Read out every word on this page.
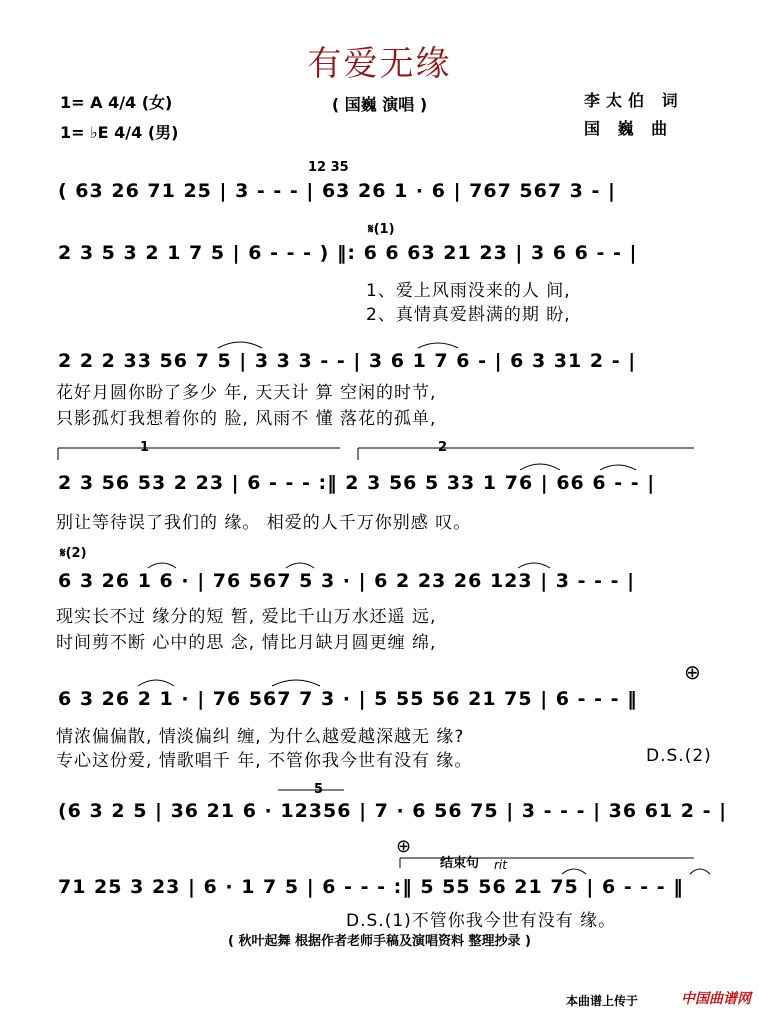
有爱无缘
( 国巍 演唱 )
1= A 4/4 (女)
1= ♭E 4/4 (男)
李太伯 词
国 巍 曲
12 35
( 63 26 71 25 | 3 - - - | 63 26 1 · 6 | 767 567 3 - |
𝄋(1)
2 3 5 3 2 1 7 5 | 6 - - - ) ‖: 6 6 63 21 23 | 3 6 6 - - |
1、爱上风雨没来的人 间,
2、真情真爱斟满的期 盼,
2 2 2 33 56 7 5 | 3 3 3 - - | 3 6 1 7 6 - | 6 3 31 2 - |
花好月圆你盼了多少 年, 天天计 算 空闲的时节,
只影孤灯我想着你的 脸, 风雨不 懂 落花的孤单,
1	2
2 3 56 53 2 23 | 6 - - - :‖ 2 3 56 5 33 1 76 | 66 6 - - |
别让等待误了我们的 缘。 相爱的人千万你别感 叹。
𝄋(2)
6 3 26 1 6 · | 76 567 5 3 · | 6 2 23 26 123 | 3 - - - |
现实长不过 缘分的短 暂, 爱比千山万水还遥 远,
时间剪不断 心中的思 念, 情比月缺月圆更缠 绵,
⊕
6 3 26 2 1 · | 76 567 7 3 · | 5 55 56 21 75 | 6 - - - ‖
情浓偏偏散, 情淡偏纠 缠, 为什么越爱越深越无 缘?
专心这份爱, 情歌唱千 年, 不管你我今世有没有 缘。	D.S.(2)
5
(6 3 2 5 | 36 21 6 · 12356 | 7 · 6 56 75 | 3 - - - | 36 61 2 - |
⊕
结束句 rit
71 25 3 23 | 6 · 1 7 5 | 6 - - - :‖ 5 55 56 21 75 | 6 - - - ‖
D.S.(1)不管你我今世有没有 缘。
( 秋叶起舞 根据作者老师手稿及演唱资料 整理抄录 )
本曲谱上传于	中国曲谱网
